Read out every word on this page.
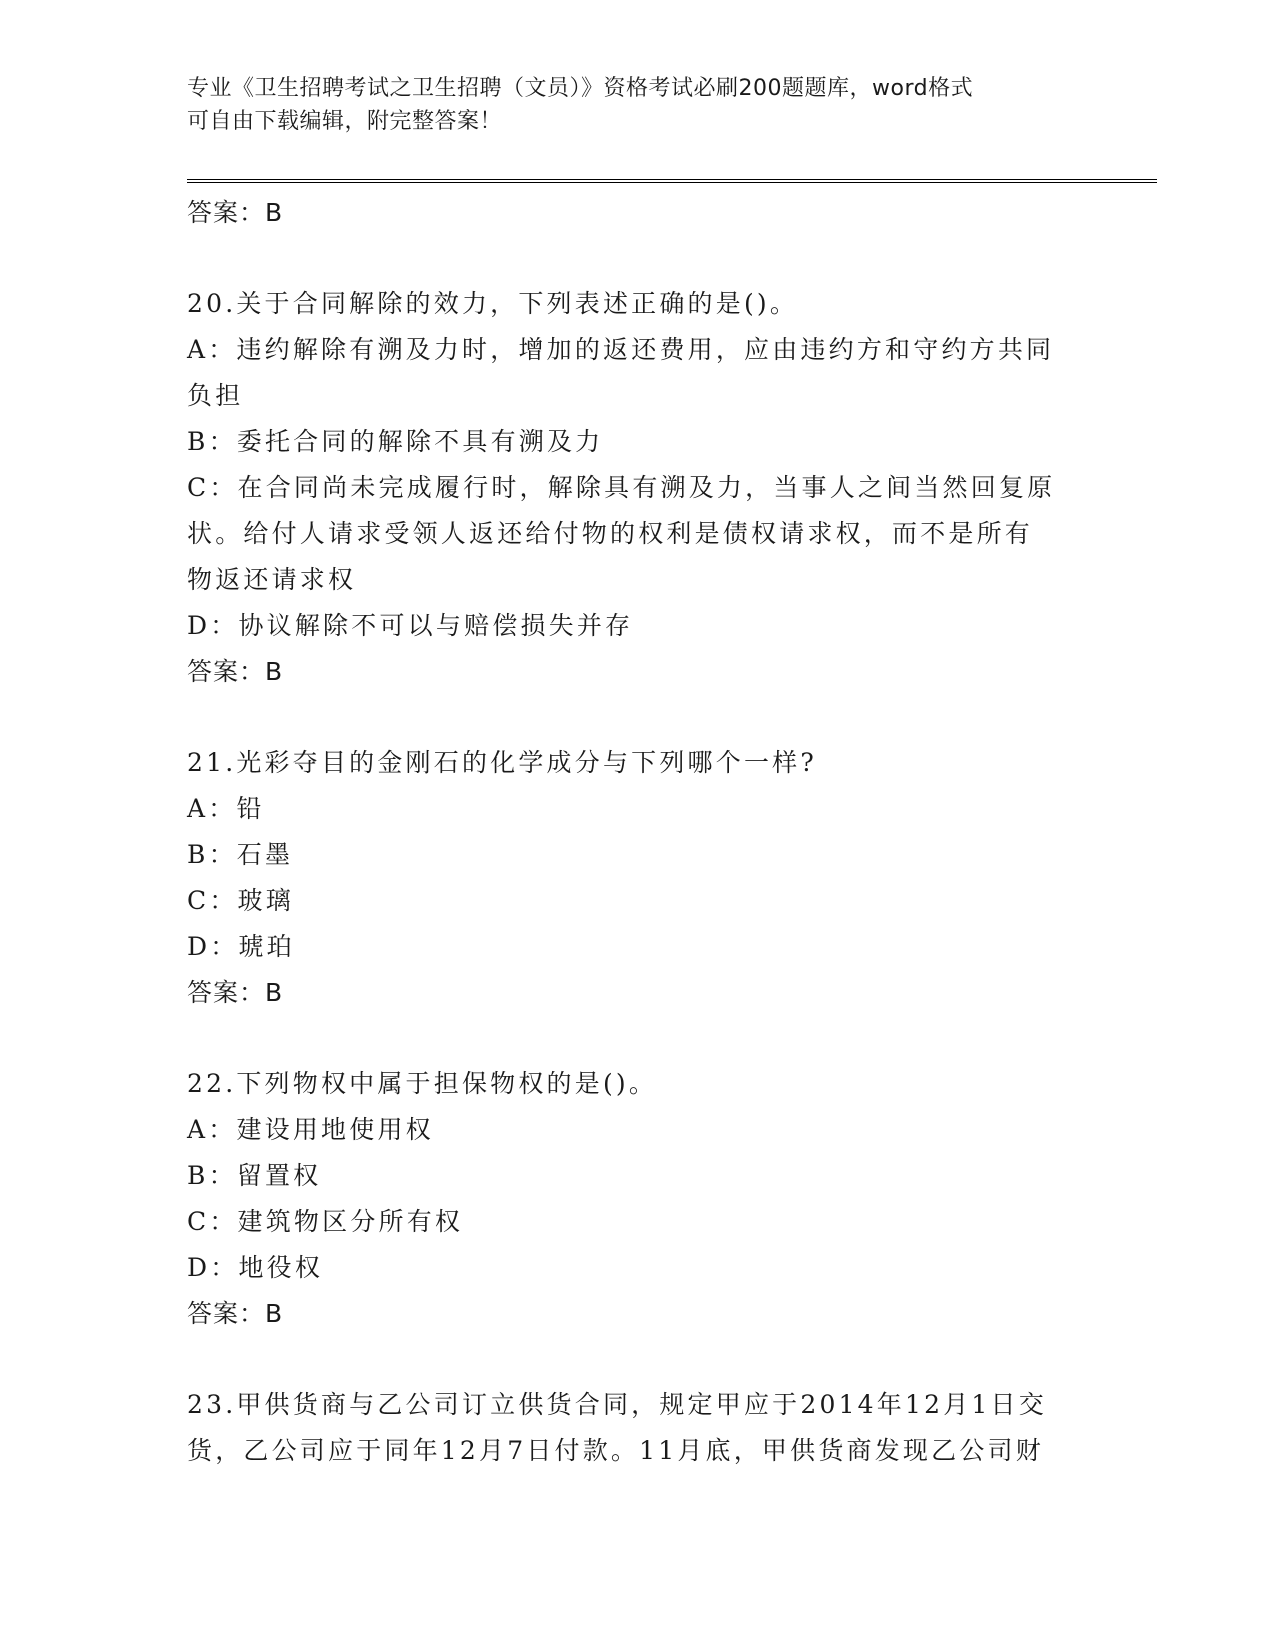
专业《卫生招聘考试之卫生招聘（文员）》资格考试必刷200题题库，word格式
可自由下载编辑，附完整答案！
答案：B
20.关于合同解除的效力，下列表述正确的是()。
A：违约解除有溯及力时，增加的返还费用，应由违约方和守约方共同
负担
B：委托合同的解除不具有溯及力
C：在合同尚未完成履行时，解除具有溯及力，当事人之间当然回复原
状。给付人请求受领人返还给付物的权利是债权请求权，而不是所有
物返还请求权
D：协议解除不可以与赔偿损失并存
答案：B
21.光彩夺目的金刚石的化学成分与下列哪个一样?
A：铅
B：石墨
C：玻璃
D：琥珀
答案：B
22.下列物权中属于担保物权的是()。
A：建设用地使用权
B：留置权
C：建筑物区分所有权
D：地役权
答案：B
23.甲供货商与乙公司订立供货合同，规定甲应于2014年12月1日交
货，乙公司应于同年12月7日付款。11月底，甲供货商发现乙公司财
